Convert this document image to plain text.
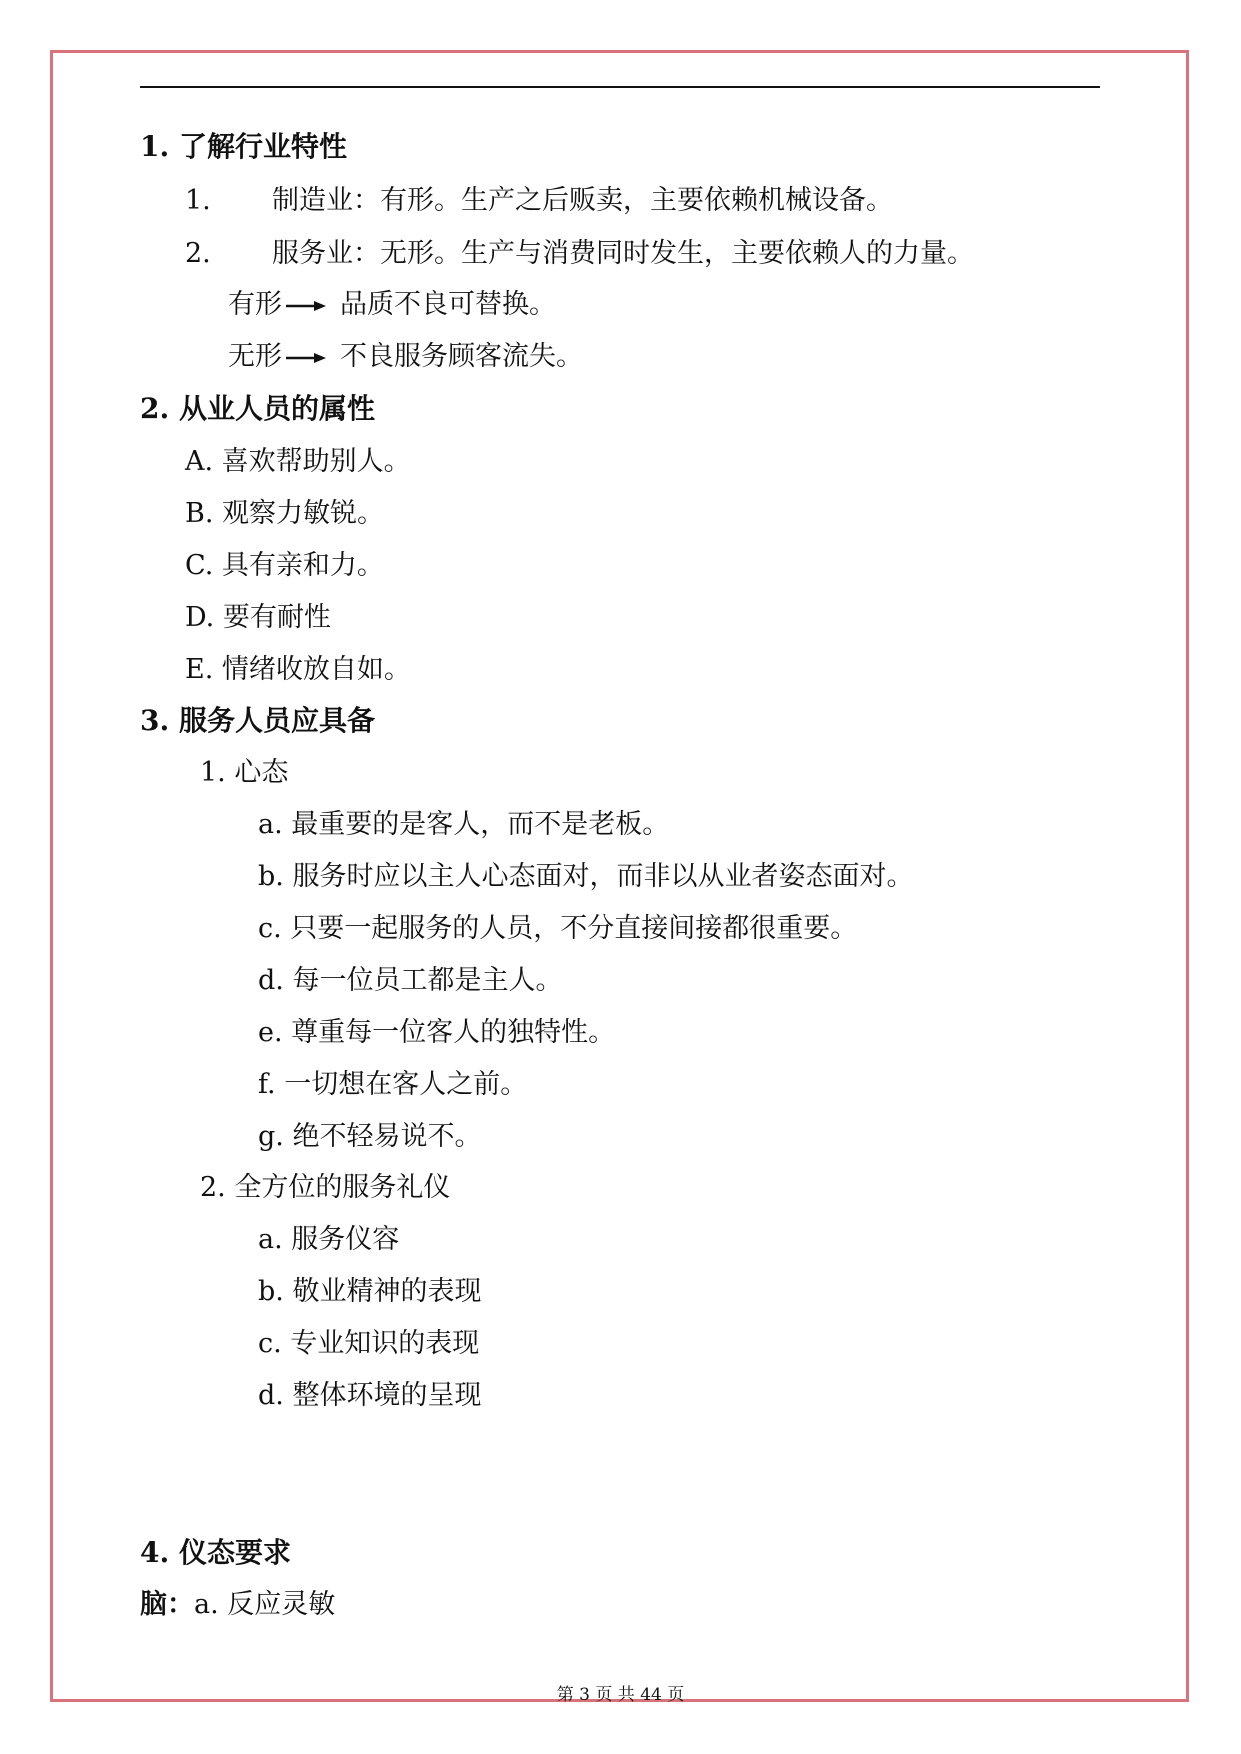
1. 了解行业特性
1. 制造业：有形。生产之后贩卖，主要依赖机械设备。
2. 服务业：无形。生产与消费同时发生，主要依赖人的力量。
有形 品质不良可替换。
无形 不良服务顾客流失。
2. 从业人员的属性
A. 喜欢帮助别人。
B. 观察力敏锐。
C. 具有亲和力。
D. 要有耐性
E. 情绪收放自如。
3. 服务人员应具备
1. 心态
a. 最重要的是客人，而不是老板。
b. 服务时应以主人心态面对，而非以从业者姿态面对。
c. 只要一起服务的人员，不分直接间接都很重要。
d. 每一位员工都是主人。
e. 尊重每一位客人的独特性。
f. 一切想在客人之前。
g. 绝不轻易说不。
2. 全方位的服务礼仪
a. 服务仪容
b. 敬业精神的表现
c. 专业知识的表现
d. 整体环境的呈现
4. 仪态要求
脑：a. 反应灵敏
第 3 页 共 44 页
